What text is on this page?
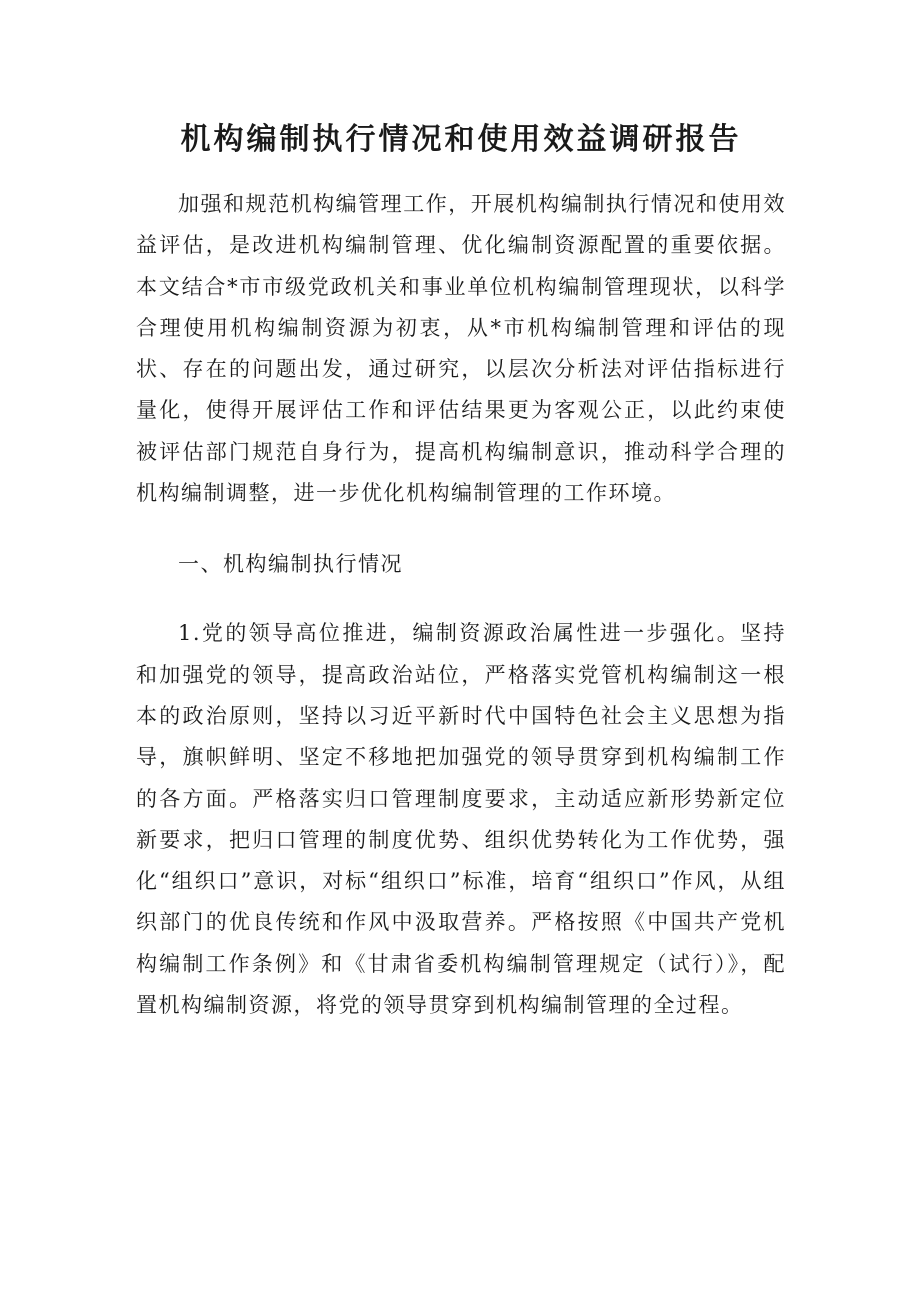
机构编制执行情况和使用效益调研报告

加强和规范机构编管理工作，开展机构编制执行情况和使用效益评估，是改进机构编制管理、优化编制资源配置的重要依据。本文结合*市市级党政机关和事业单位机构编制管理现状，以科学合理使用机构编制资源为初衷，从*市机构编制管理和评估的现状、存在的问题出发，通过研究，以层次分析法对评估指标进行量化，使得开展评估工作和评估结果更为客观公正，以此约束使被评估部门规范自身行为，提高机构编制意识，推动科学合理的机构编制调整，进一步优化机构编制管理的工作环境。

一、机构编制执行情况

1.党的领导高位推进，编制资源政治属性进一步强化。坚持和加强党的领导，提高政治站位，严格落实党管机构编制这一根本的政治原则，坚持以习近平新时代中国特色社会主义思想为指导，旗帜鲜明、坚定不移地把加强党的领导贯穿到机构编制工作的各方面。严格落实归口管理制度要求，主动适应新形势新定位新要求，把归口管理的制度优势、组织优势转化为工作优势，强化“组织口”意识，对标“组织口”标准，培育“组织口”作风，从组织部门的优良传统和作风中汲取营养。严格按照《中国共产党机构编制工作条例》和《甘肃省委机构编制管理规定（试行）》，配置机构编制资源，将党的领导贯穿到机构编制管理的全过程。
